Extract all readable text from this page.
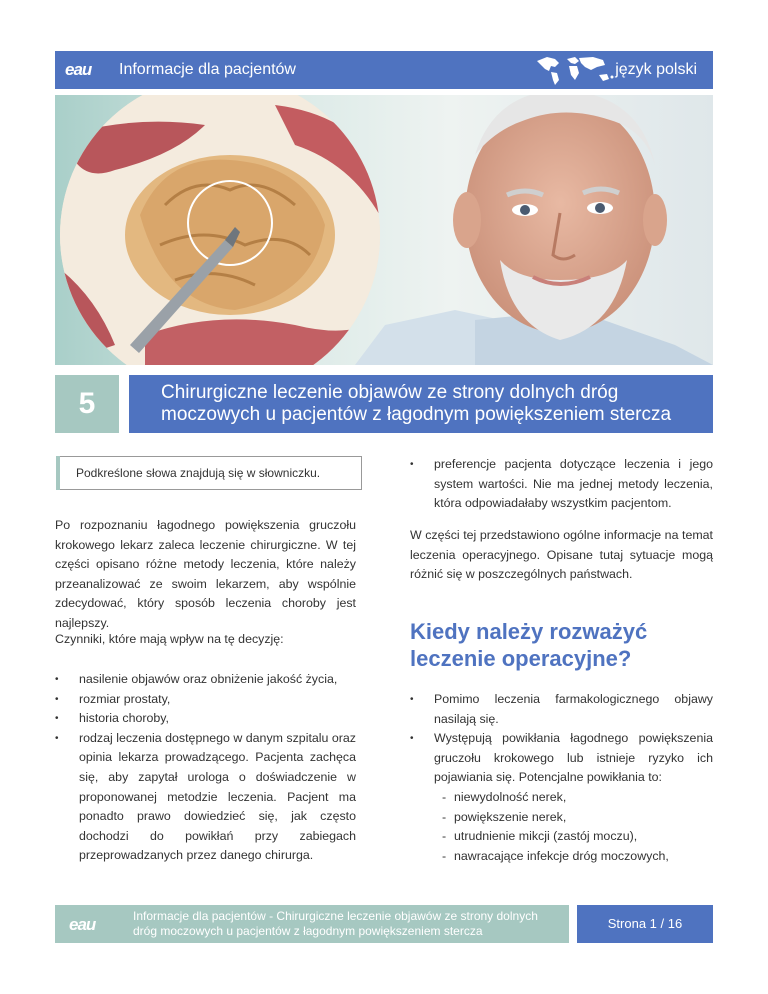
eau Informacje dla pacjentów	język polski
5	Chirurgiczne leczenie objawów ze strony dolnych dróg
moczowych u pacjentów z łagodnym powiększeniem stercza
Podkreślone słowa znajdują się w słowniczku.

Po rozpoznaniu łagodnego powiększenia gruczołu krokowego lekarz zaleca leczenie chirurgiczne. W tej części opisano różne metody leczenia, które należy przeanalizować ze swoim lekarzem, aby wspólnie zdecydować, który sposób leczenia choroby jest najlepszy.

Czynniki, które mają wpływ na tę decyzję:

• nasilenie objawów oraz obniżenie jakość życia,
• rozmiar prostaty,
• historia choroby,
• rodzaj leczenia dostępnego w danym szpitalu oraz opinia lekarza prowadzącego. Pacjenta zachęca się, aby zapytał urologa o doświadczenie w proponowanej metodzie leczenia. Pacjent ma ponadto prawo dowiedzieć się, jak często dochodzi do powikłań przy zabiegach przeprowadzanych przez danego chirurga.
• preferencje pacjenta dotyczące leczenia i jego system wartości. Nie ma jednej metody leczenia, która odpowiadałaby wszystkim pacjentom.

W części tej przedstawiono ogólne informacje na temat leczenia operacyjnego. Opisane tutaj sytuacje mogą różnić się w poszczególnych państwach.

Kiedy należy rozważyć leczenie operacyjne?
• Pomimo leczenia farmakologicznego objawy nasilają się.
• Występują powikłania łagodnego powiększenia gruczołu krokowego lub istnieje ryzyko ich pojawiania się. Potencjalne powikłania to:
- niewydolność nerek,
- powiększenie nerek,
- utrudnienie mikcji (zastój moczu),
- nawracające infekcje dróg moczowych,
eau	Informacje dla pacjentów - Chirurgiczne leczenie objawów ze strony dolnych dróg moczowych u pacjentów z łagodnym powiększeniem stercza	Strona 1 / 16
